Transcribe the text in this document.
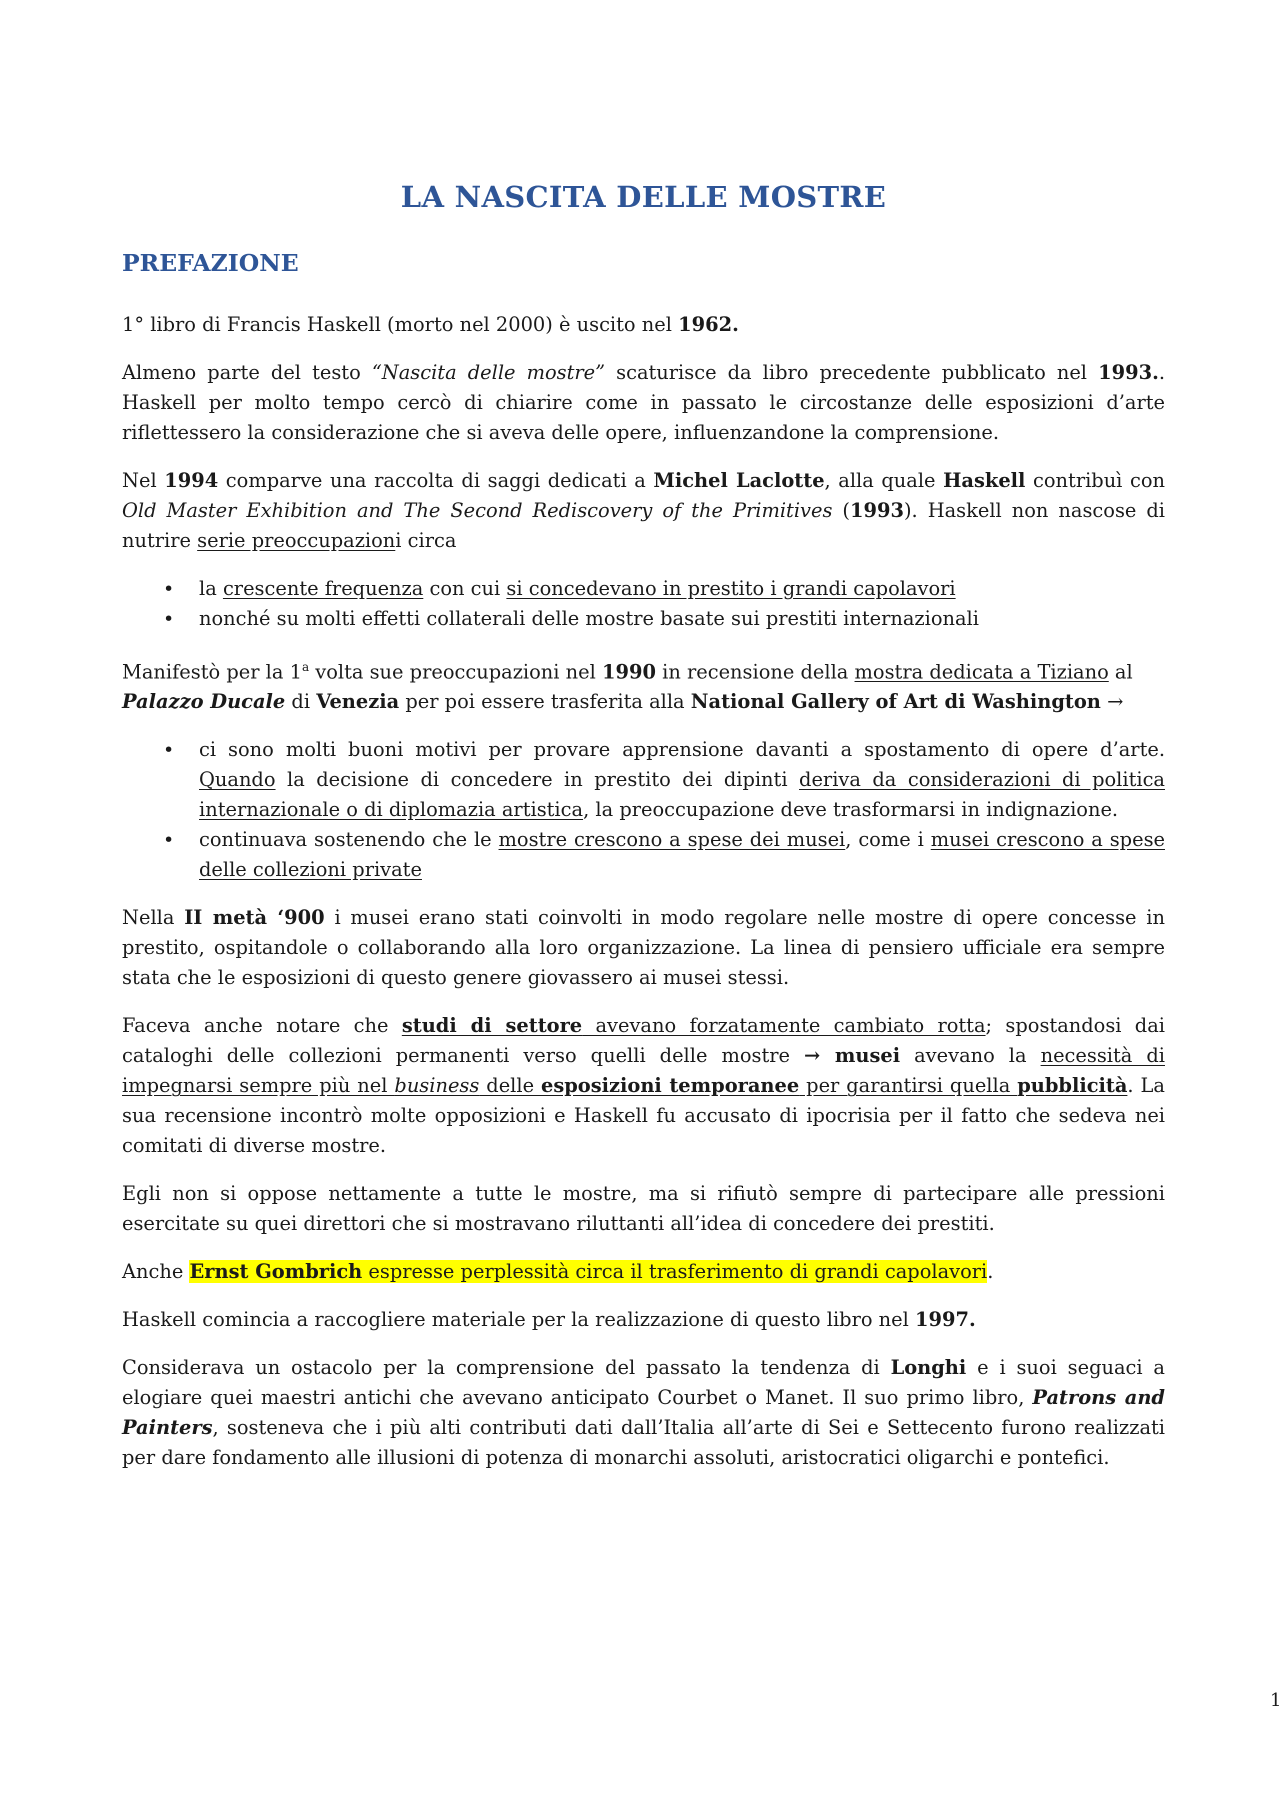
LA NASCITA DELLE MOSTRE
PREFAZIONE

1° libro di Francis Haskell (morto nel 2000) è uscito nel 1962.

Almeno parte del testo “Nascita delle mostre” scaturisce da libro precedente pubblicato nel 1993.. Haskell per molto tempo cercò di chiarire come in passato le circostanze delle esposizioni d’arte riflettessero la considerazione che si aveva delle opere, influenzandone la comprensione.

Nel 1994 comparve una raccolta di saggi dedicati a Michel Laclotte, alla quale Haskell contribuì con Old Master Exhibition and The Second Rediscovery of the Primitives (1993). Haskell non nascose di nutrire serie preoccupazioni circa

• la crescente frequenza con cui si concedevano in prestito i grandi capolavori
• nonché su molti effetti collaterali delle mostre basate sui prestiti internazionali

Manifestò per la 1$^a$ volta sue preoccupazioni nel 1990 in recensione della mostra dedicata a Tiziano al Palazzo Ducale di Venezia per poi essere trasferita alla National Gallery of Art di Washington →

• ci sono molti buoni motivi per provare apprensione davanti a spostamento di opere d’arte. Quando la decisione di concedere in prestito dei dipinti deriva da considerazioni di politica internazionale o di diplomazia artistica, la preoccupazione deve trasformarsi in indignazione.
• continuava sostenendo che le mostre crescono a spese dei musei, come i musei crescono a spese delle collezioni private

Nella II metà ‘900 i musei erano stati coinvolti in modo regolare nelle mostre di opere concesse in prestito, ospitandole o collaborando alla loro organizzazione. La linea di pensiero ufficiale era sempre stata che le esposizioni di questo genere giovassero ai musei stessi.

Faceva anche notare che studi di settore avevano forzatamente cambiato rotta; spostandosi dai cataloghi delle collezioni permanenti verso quelli delle mostre → musei avevano la necessità di impegnarsi sempre più nel business delle esposizioni temporanee per garantirsi quella pubblicità. La sua recensione incontrò molte opposizioni e Haskell fu accusato di ipocrisia per il fatto che sedeva nei comitati di diverse mostre.

Egli non si oppose nettamente a tutte le mostre, ma si rifiutò sempre di partecipare alle pressioni esercitate su quei direttori che si mostravano riluttanti all’idea di concedere dei prestiti.

Anche Ernst Gombrich espresse perplessità circa il trasferimento di grandi capolavori.

Haskell comincia a raccogliere materiale per la realizzazione di questo libro nel 1997.

Considerava un ostacolo per la comprensione del passato la tendenza di Longhi e i suoi seguaci a elogiare quei maestri antichi che avevano anticipato Courbet o Manet. Il suo primo libro, Patrons and Painters, sosteneva che i più alti contributi dati dall’Italia all’arte di Sei e Settecento furono realizzati per dare fondamento alle illusioni di potenza di monarchi assoluti, aristocratici oligarchi e pontefici.

1
